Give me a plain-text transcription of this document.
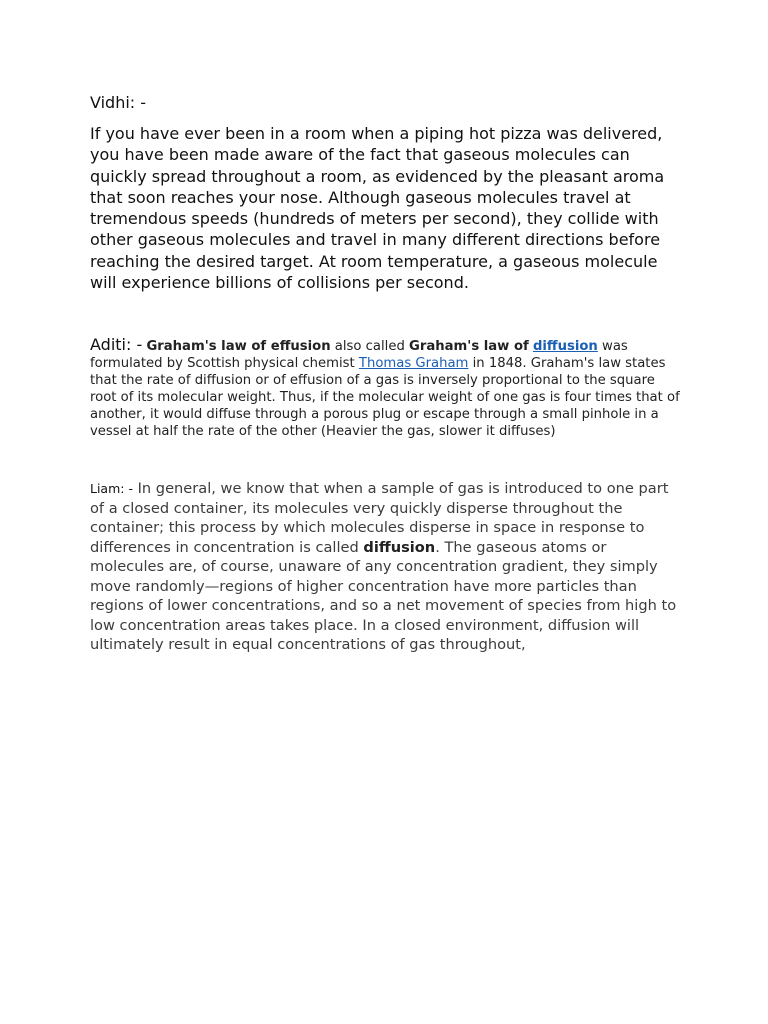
Vidhi: -

If you have ever been in a room when a piping hot pizza was delivered, you have been made aware of the fact that gaseous molecules can quickly spread throughout a room, as evidenced by the pleasant aroma that soon reaches your nose. Although gaseous molecules travel at tremendous speeds (hundreds of meters per second), they collide with other gaseous molecules and travel in many different directions before reaching the desired target. At room temperature, a gaseous molecule will experience billions of collisions per second.

Aditi: - Graham's law of effusion also called Graham's law of diffusion was formulated by Scottish physical chemist Thomas Graham in 1848. Graham's law states that the rate of diffusion or of effusion of a gas is inversely proportional to the square root of its molecular weight. Thus, if the molecular weight of one gas is four times that of another, it would diffuse through a porous plug or escape through a small pinhole in a vessel at half the rate of the other (Heavier the gas, slower it diffuses)

Liam: - In general, we know that when a sample of gas is introduced to one part of a closed container, its molecules very quickly disperse throughout the container; this process by which molecules disperse in space in response to differences in concentration is called diffusion. The gaseous atoms or molecules are, of course, unaware of any concentration gradient, they simply move randomly—regions of higher concentration have more particles than regions of lower concentrations, and so a net movement of species from high to low concentration areas takes place. In a closed environment, diffusion will ultimately result in equal concentrations of gas throughout,
